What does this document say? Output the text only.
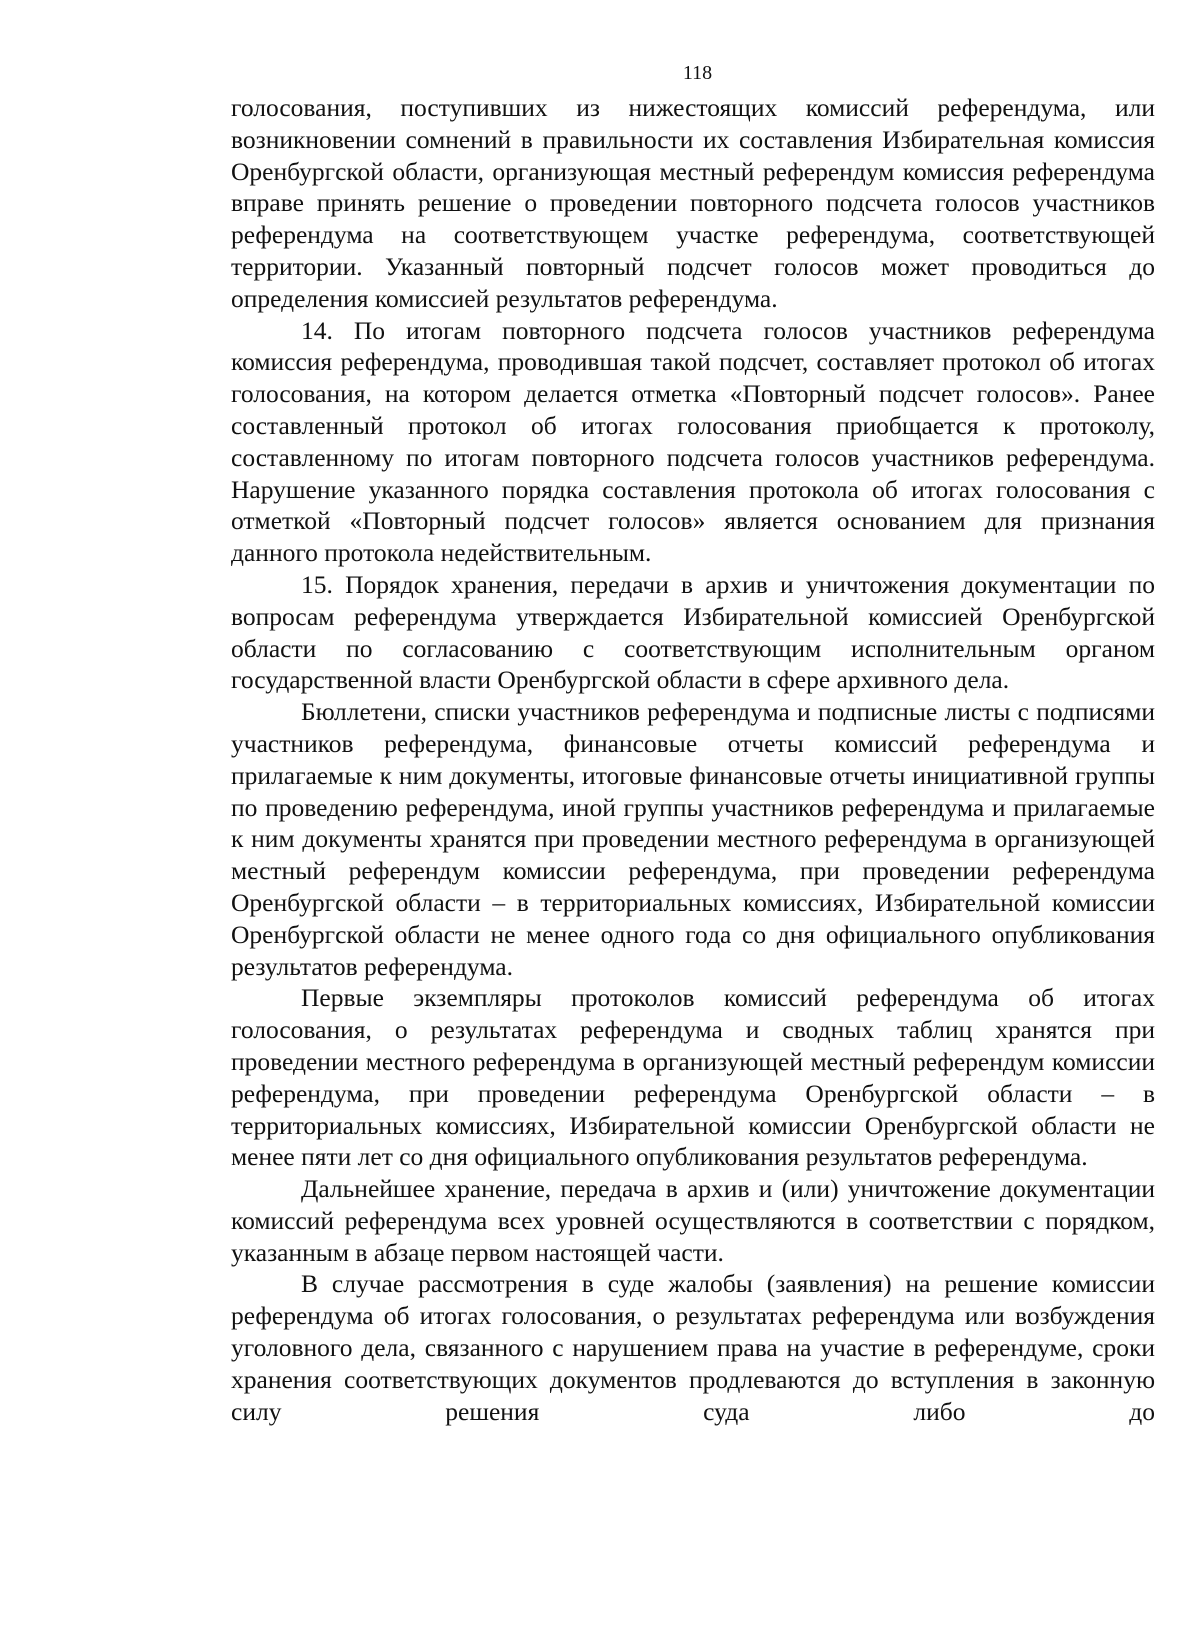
118

голосования, поступивших из нижестоящих комиссий референдума, или возникновении сомнений в правильности их составления Избирательная комиссия Оренбургской области, организующая местный референдум комиссия референдума вправе принять решение о проведении повторного подсчета голосов участников референдума на соответствующем участке референдума, соответствующей территории. Указанный повторный подсчет голосов может проводиться до определения комиссией результатов референдума.

14. По итогам повторного подсчета голосов участников референдума комиссия референдума, проводившая такой подсчет, составляет протокол об итогах голосования, на котором делается отметка «Повторный подсчет голосов». Ранее составленный протокол об итогах голосования приобщается к протоколу, составленному по итогам повторного подсчета голосов участников референдума. Нарушение указанного порядка составления протокола об итогах голосования с отметкой «Повторный подсчет голосов» является основанием для признания данного протокола недействительным.

15. Порядок хранения, передачи в архив и уничтожения документации по вопросам референдума утверждается Избирательной комиссией Оренбургской области по согласованию с соответствующим исполнительным органом государственной власти Оренбургской области в сфере архивного дела.

Бюллетени, списки участников референдума и подписные листы с подписями участников референдума, финансовые отчеты комиссий референдума и прилагаемые к ним документы, итоговые финансовые отчеты инициативной группы по проведению референдума, иной группы участников референдума и прилагаемые к ним документы хранятся при проведении местного референдума в организующей местный референдум комиссии референдума, при проведении референдума Оренбургской области – в территориальных комиссиях, Избирательной комиссии Оренбургской области не менее одного года со дня официального опубликования результатов референдума.

Первые экземпляры протоколов комиссий референдума об итогах голосования, о результатах референдума и сводных таблиц хранятся при проведении местного референдума в организующей местный референдум комиссии референдума, при проведении референдума Оренбургской области – в территориальных комиссиях, Избирательной комиссии Оренбургской области не менее пяти лет со дня официального опубликования результатов референдума.

Дальнейшее хранение, передача в архив и (или) уничтожение документации комиссий референдума всех уровней осуществляются в соответствии с порядком, указанным в абзаце первом настоящей части.

В случае рассмотрения в суде жалобы (заявления) на решение комиссии референдума об итогах голосования, о результатах референдума или возбуждения уголовного дела, связанного с нарушением права на участие в референдуме, сроки хранения соответствующих документов продлеваются до вступления в законную силу решения суда либо до
